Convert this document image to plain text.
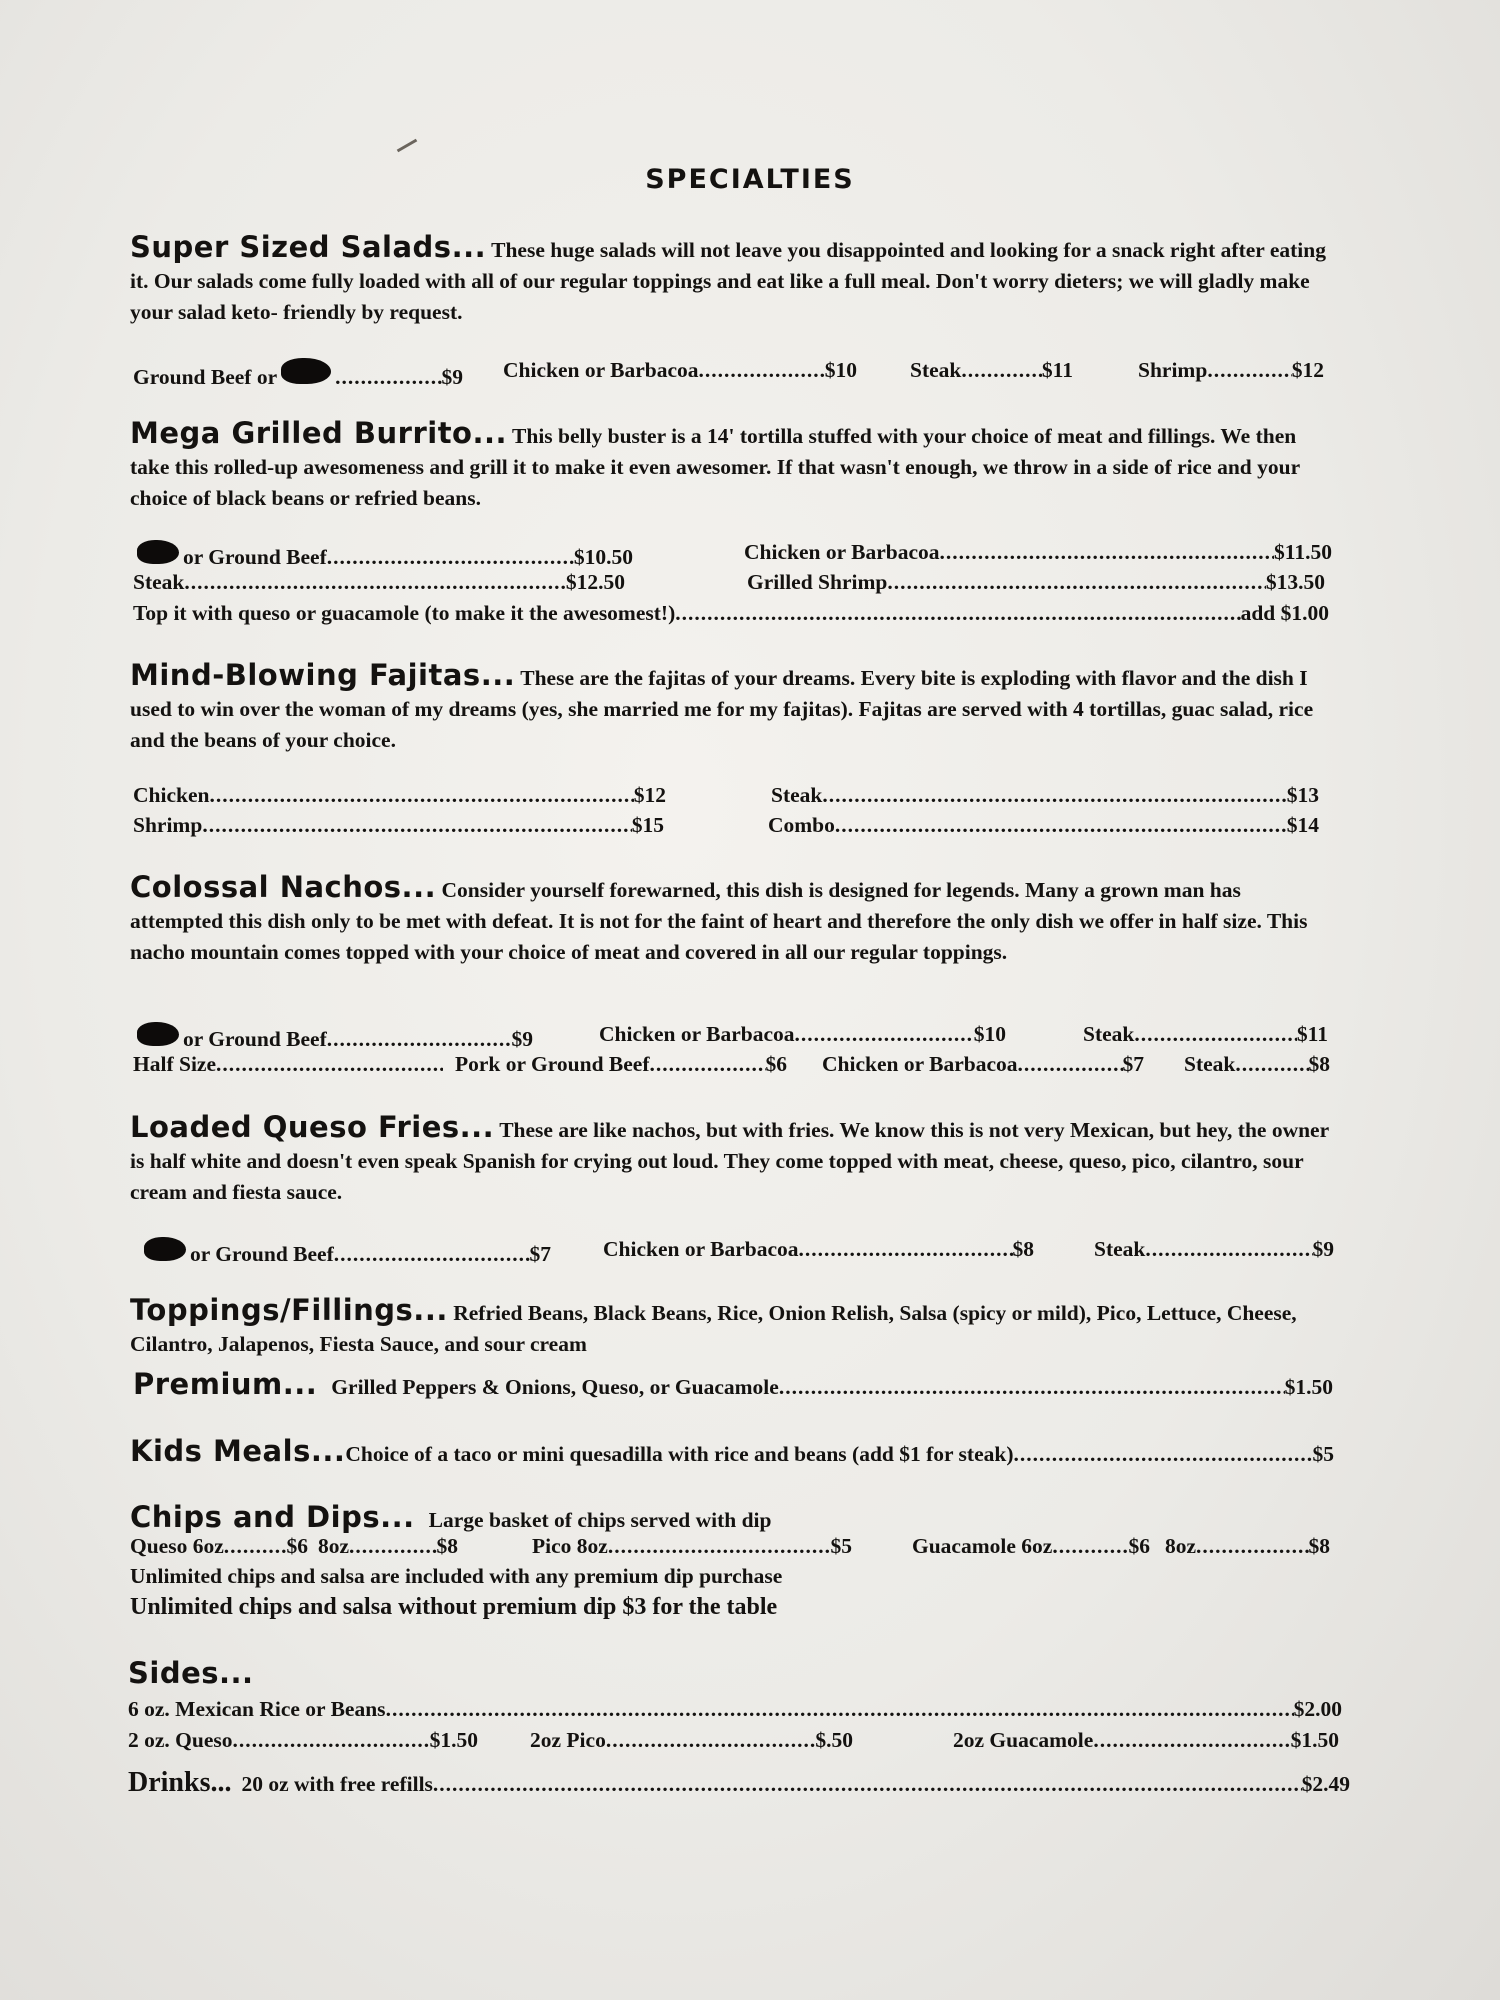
SPECIALTIES

Super Sized Salads... These huge salads will not leave you disappointed and looking for a snack right after eating it. Our salads come fully loaded with all of our regular toppings and eat like a full meal. Don't worry dieters; we will gladly make your salad keto- friendly by request.

Ground Beef or .....	$9 Chicken or Barbacoa .....	$10 Steak .....	$11	Shrimp .....	$12

Mega Grilled Burrito... This belly buster is a 14' tortilla stuffed with your choice of meat and fillings. We then take this rolled-up awesomeness and grill it to make it even awesomer. If that wasn't enough, we throw in a side of rice and your choice of black beans or refried beans.

or Ground Beef .....	$10.50	Chicken or Barbacoa .....	$11.50
Steak .....	$12.50	Grilled Shrimp .....	$13.50
Top it with queso or guacamole (to make it the awesomest!) .....	add $1.00

Mind-Blowing Fajitas... These are the fajitas of your dreams. Every bite is exploding with flavor and the dish I used to win over the woman of my dreams (yes, she married me for my fajitas). Fajitas are served with 4 tortillas, guac salad, rice and the beans of your choice.

Chicken .....	$12	Steak .....	$13
Shrimp .....	$15	Combo .....	$14

Colossal Nachos... Consider yourself forewarned, this dish is designed for legends. Many a grown man has attempted this dish only to be met with defeat. It is not for the faint of heart and therefore the only dish we offer in half size. This nacho mountain comes topped with your choice of meat and covered in all our regular toppings.

or Ground Beef .....	$9	Chicken or Barbacoa .....	$10	Steak .....	$11
Half Size .....	Pork or Ground Beef .....	$6 Chicken or Barbacoa .....	$7 Steak .....	$8

Loaded Queso Fries... These are like nachos, but with fries. We know this is not very Mexican, but hey, the owner is half white and doesn't even speak Spanish for crying out loud. They come topped with meat, cheese, queso, pico, cilantro, sour cream and fiesta sauce.

or Ground Beef .....	$7 Chicken or Barbacoa .....	$8	Steak .....	$9

Toppings/Fillings... Refried Beans, Black Beans, Rice, Onion Relish, Salsa (spicy or mild), Pico, Lettuce, Cheese, Cilantro, Jalapenos, Fiesta Sauce, and sour cream

Premium... Grilled Peppers & Onions, Queso, or Guacamole .....	$1.50
Kids Meals... Choice of a taco or mini quesadilla with rice and beans (add $1 for steak) .....	$5
Chips and Dips... Large basket of chips served with dip
Queso 6oz .....	$6 8oz .....	$8	Pico 8oz .....	$5	Guacamole 6oz .....	$6 8oz .....	$8
Unlimited chips and salsa are included with any premium dip purchase
Unlimited chips and salsa without premium dip $3 for the table
Sides...
6 oz. Mexican Rice or Beans .....	$2.00
2 oz. Queso .....	$1.50 2oz Pico .....	$.50	2oz Guacamole .....	$1.50
Drinks... 20 oz with free refills .....	$2.49
